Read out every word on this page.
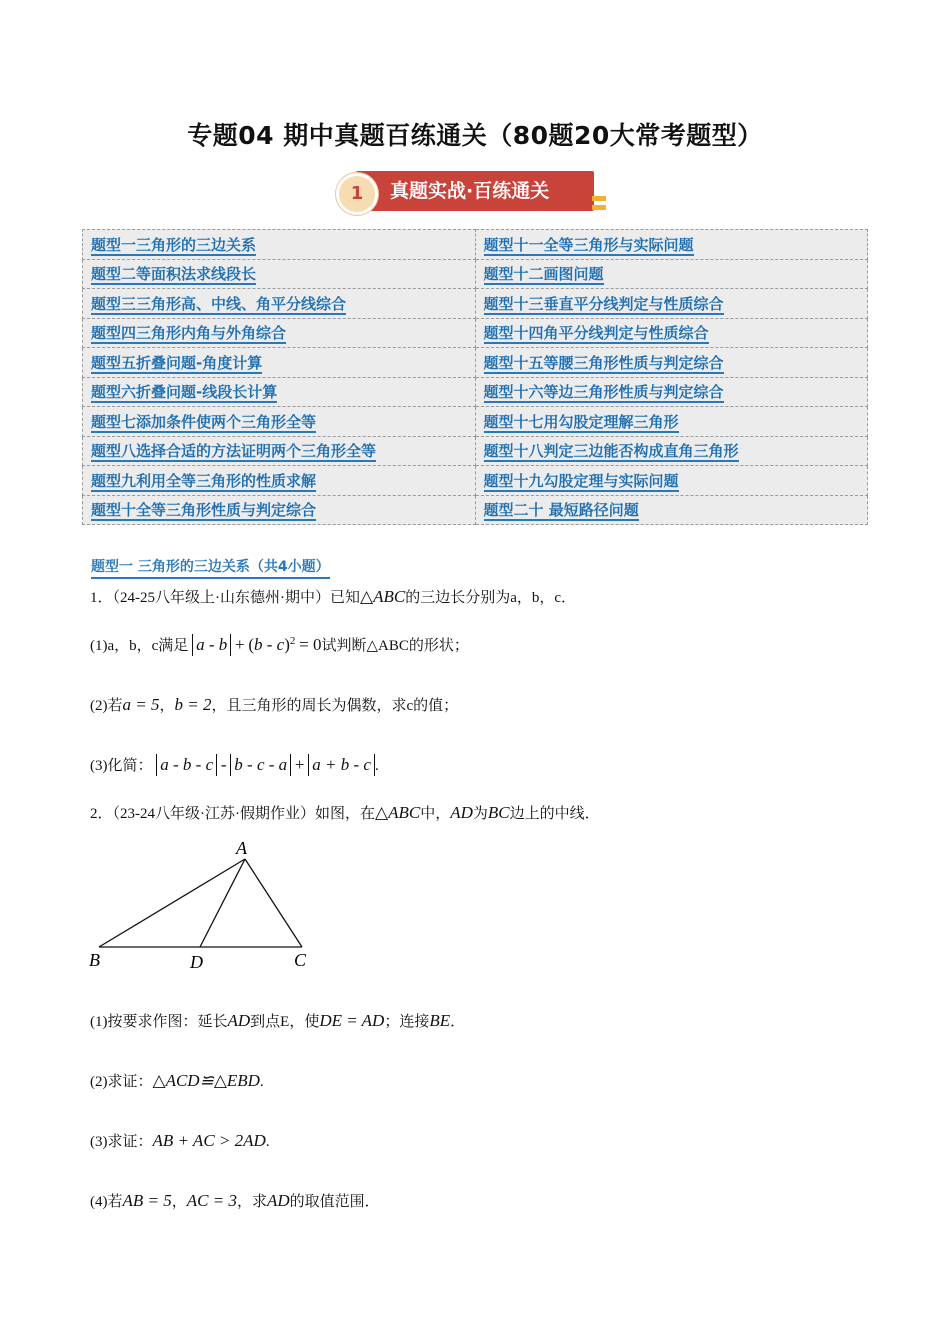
专题04 期中真题百练通关（80题20大常考题型）
1	真题实战·百练通关
题型一三角形的三边关系	题型十一全等三角形与实际问题
题型二等面积法求线段长	题型十二画图问题
题型三三角形高、中线、角平分线综合	题型十三垂直平分线判定与性质综合
题型四三角形内角与外角综合	题型十四角平分线判定与性质综合
题型五折叠问题-角度计算	题型十五等腰三角形性质与判定综合
题型六折叠问题-线段长计算	题型十六等边三角形性质与判定综合
题型七添加条件使两个三角形全等	题型十七用勾股定理解三角形
题型八选择合适的方法证明两个三角形全等	题型十八判定三边能否构成直角三角形
题型九利用全等三角形的性质求解	题型十九勾股定理与实际问题
题型十全等三角形性质与判定综合	题型二十 最短路径问题
题型一 三角形的三边关系（共4小题）
1．（24-25八年级上·山东德州·期中）已知△ABC的三边长分别为a，b，c．
(1)a，b，c满足 a - b + (b - c)$^2$ = 0试判断△ABC的形状；
(2)若a = 5，b = 2，且三角形的周长为偶数，求c的值；
(3)化简： a - b - c - b - c - a + a + b - c .
2．（23-24八年级·江苏·假期作业）如图，在△ABC中，AD为BC边上的中线．
A
B	D	C
(1)按要求作图：延长AD到点E，使DE = AD；连接BE．
(2)求证：△ACD≌△EBD.
(3)求证：AB + AC > 2AD.
(4)若AB = 5，AC = 3，求AD的取值范围．
